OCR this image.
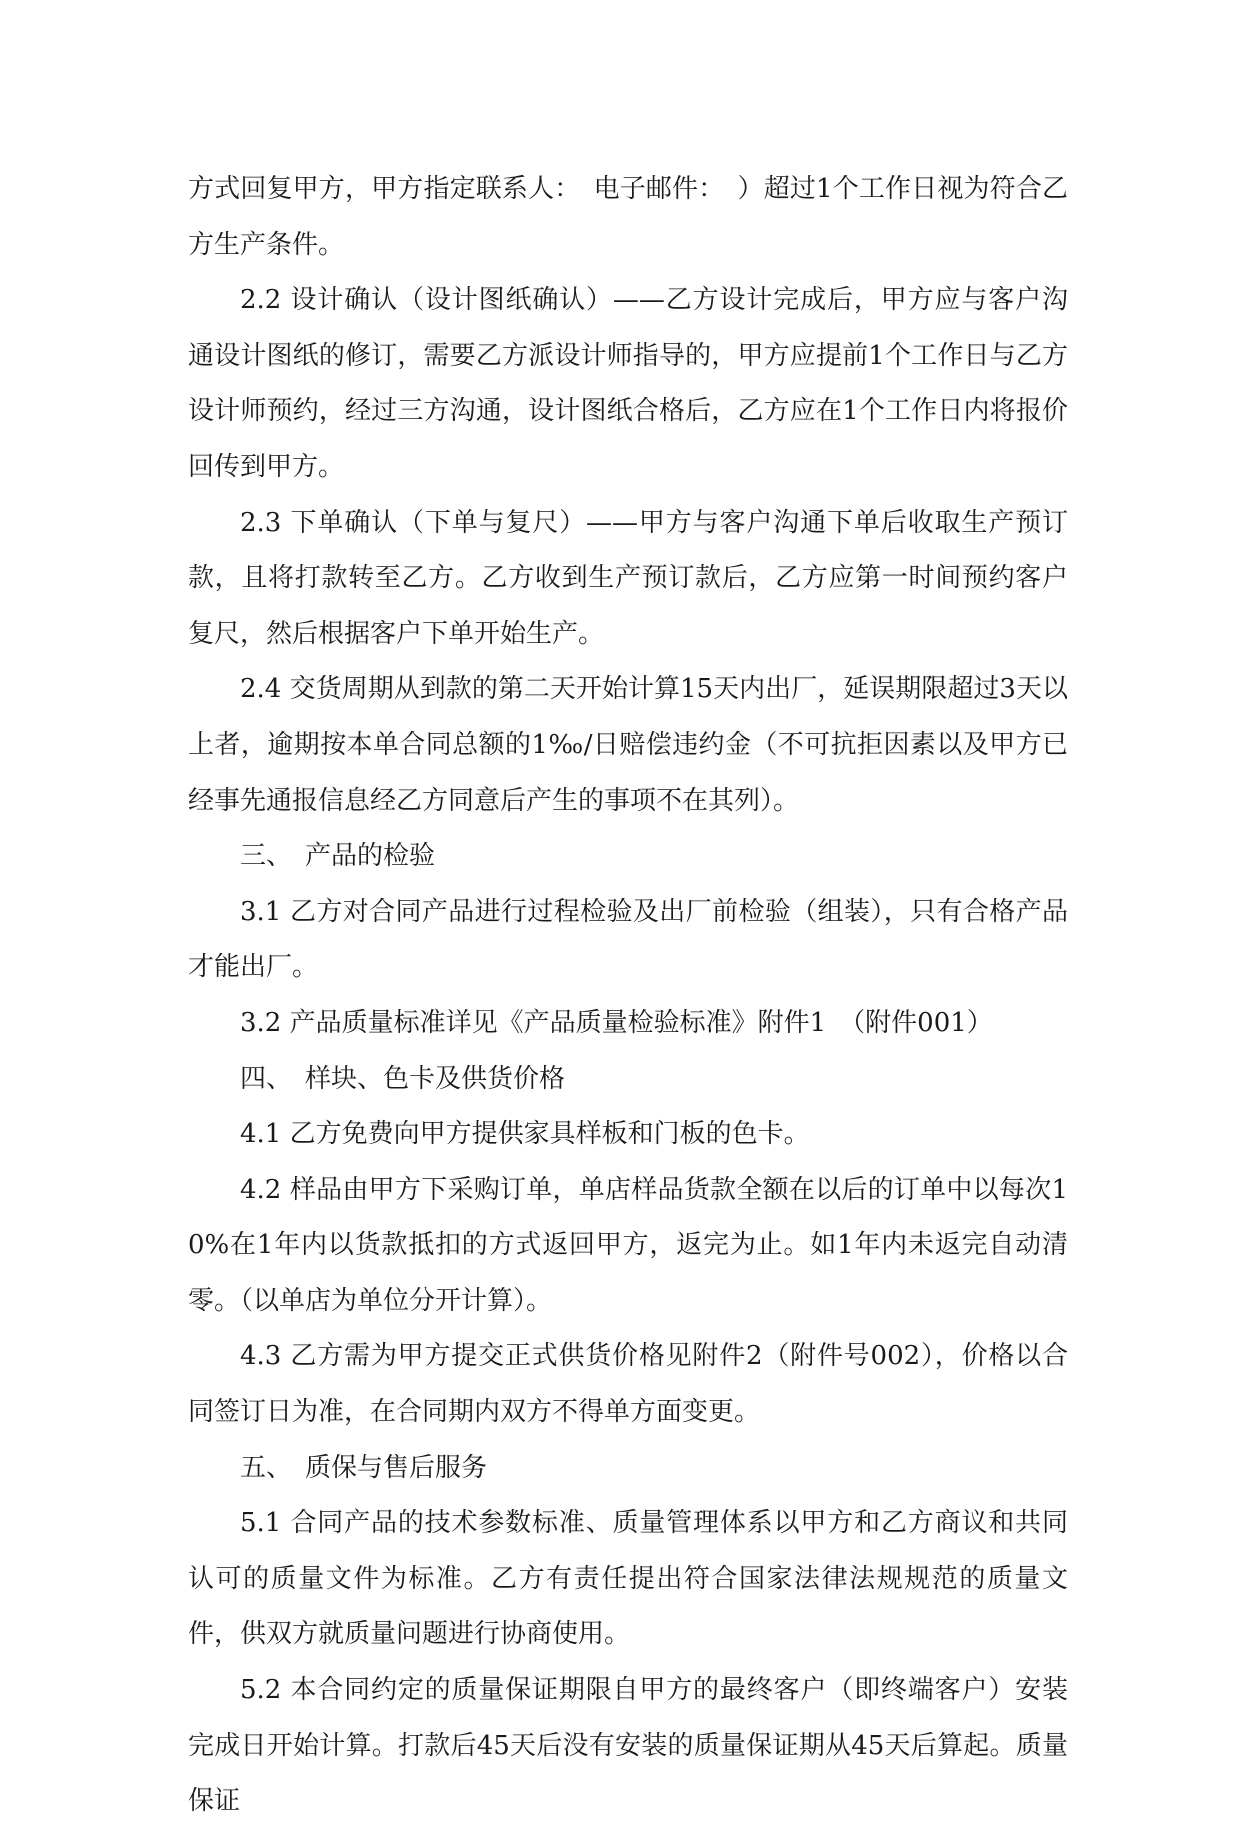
方式回复甲方，甲方指定联系人：　电子邮件：　）超过1个工作日视为符合乙方生产条件。

2.2 设计确认（设计图纸确认）——乙方设计完成后，甲方应与客户沟通设计图纸的修订，需要乙方派设计师指导的，甲方应提前1个工作日与乙方设计师预约，经过三方沟通，设计图纸合格后，乙方应在1个工作日内将报价回传到甲方。

2.3 下单确认（下单与复尺）——甲方与客户沟通下单后收取生产预订款，且将打款转至乙方。乙方收到生产预订款后，乙方应第一时间预约客户复尺，然后根据客户下单开始生产。

2.4 交货周期从到款的第二天开始计算15天内出厂，延误期限超过3天以上者，逾期按本单合同总额的1‰/日赔偿违约金（不可抗拒因素以及甲方已经事先通报信息经乙方同意后产生的事项不在其列）。

三、　产品的检验

3.1 乙方对合同产品进行过程检验及出厂前检验（组装），只有合格产品才能出厂。

3.2 产品质量标准详见《产品质量检验标准》附件1　（附件001）

四、　样块、色卡及供货价格

4.1 乙方免费向甲方提供家具样板和门板的色卡。

4.2 样品由甲方下采购订单，单店样品货款全额在以后的订单中以每次10%在1年内以货款抵扣的方式返回甲方，返完为止。如1年内未返完自动清零。（以单店为单位分开计算）。

4.3 乙方需为甲方提交正式供货价格见附件2（附件号002），价格以合同签订日为准，在合同期内双方不得单方面变更。

五、　质保与售后服务

5.1 合同产品的技术参数标准、质量管理体系以甲方和乙方商议和共同认可的质量文件为标准。乙方有责任提出符合国家法律法规规范的质量文件，供双方就质量问题进行协商使用。

5.2 本合同约定的质量保证期限自甲方的最终客户（即终端客户）安装完成日开始计算。打款后45天后没有安装的质量保证期从45天后算起。质量保证
